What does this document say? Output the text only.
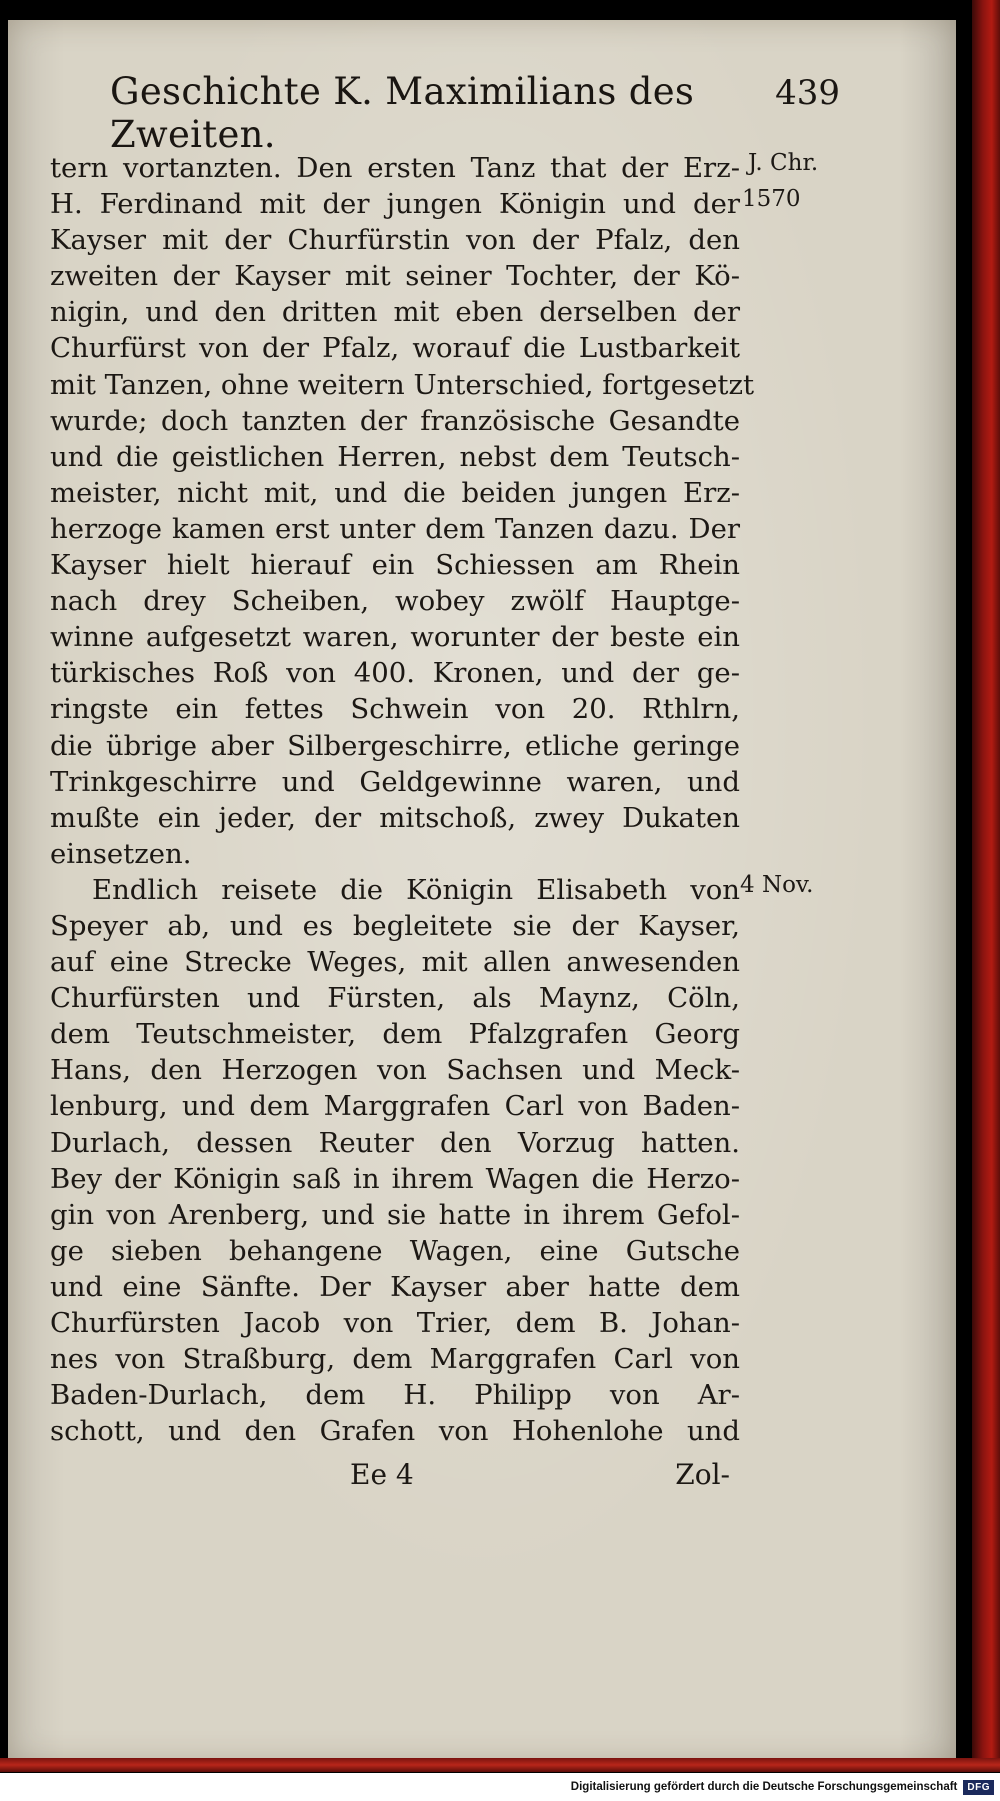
Geschichte K. Maximilians des Zweiten.
439
tern vortanzten. Den ersten Tanz that der Erz-
H. Ferdinand mit der jungen Königin und der
Kayser mit der Churfürstin von der Pfalz, den
zweiten der Kayser mit seiner Tochter, der Kö-
nigin, und den dritten mit eben derselben der
Churfürst von der Pfalz, worauf die Lustbarkeit
mit Tanzen, ohne weitern Unterschied, fortgesetzt
wurde; doch tanzten der französische Gesandte
und die geistlichen Herren, nebst dem Teutsch-
meister, nicht mit, und die beiden jungen Erz-
herzoge kamen erst unter dem Tanzen dazu. Der
Kayser hielt hierauf ein Schiessen am Rhein
nach drey Scheiben, wobey zwölf Hauptge-
winne aufgesetzt waren, worunter der beste ein
türkisches Roß von 400. Kronen, und der ge-
ringste ein fettes Schwein von 20. Rthlrn,
die übrige aber Silbergeschirre, etliche geringe
Trinkgeschirre und Geldgewinne waren, und
mußte ein jeder, der mitschoß, zwey Dukaten
einsetzen.
Endlich reisete die Königin Elisabeth von
Speyer ab, und es begleitete sie der Kayser,
auf eine Strecke Weges, mit allen anwesenden
Churfürsten und Fürsten, als Maynz, Cöln,
dem Teutschmeister, dem Pfalzgrafen Georg
Hans, den Herzogen von Sachsen und Meck-
lenburg, und dem Marggrafen Carl von Baden-
Durlach, dessen Reuter den Vorzug hatten.
Bey der Königin saß in ihrem Wagen die Herzo-
gin von Arenberg, und sie hatte in ihrem Gefol-
ge sieben behangene Wagen, eine Gutsche
und eine Sänfte. Der Kayser aber hatte dem
Churfürsten Jacob von Trier, dem B. Johan-
nes von Straßburg, dem Marggrafen Carl von
Baden-Durlach, dem H. Philipp von Ar-
schott, und den Grafen von Hohenlohe und
J. Chr.
1570
4 Nov.
Ee 4	Zol-
Digitalisierung gefördert durch die Deutsche Forschungsgemeinschaft	DFG
